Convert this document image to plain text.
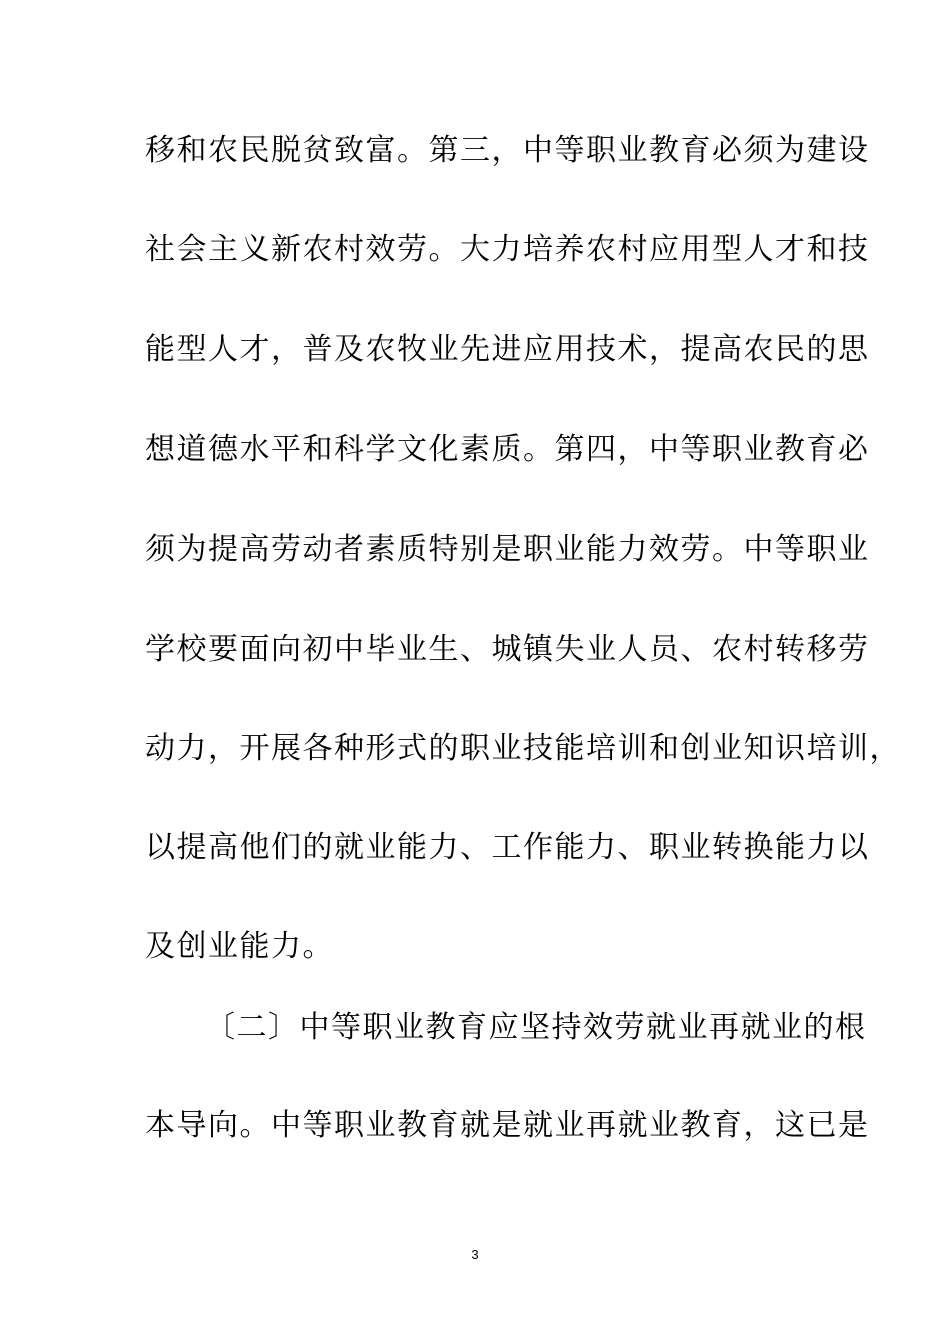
移和农民脱贫致富。第三，中等职业教育必须为建设
社会主义新农村效劳。大力培养农村应用型人才和技
能型人才，普及农牧业先进应用技术，提高农民的思
想道德水平和科学文化素质。第四，中等职业教育必
须为提高劳动者素质特别是职业能力效劳。中等职业
学校要面向初中毕业生、城镇失业人员、农村转移劳
动力，开展各种形式的职业技能培训和创业知识培训，
以提高他们的就业能力、工作能力、职业转换能力以
及创业能力。
〔二〕中等职业教育应坚持效劳就业再就业的根
本导向。中等职业教育就是就业再就业教育，这已是
3
